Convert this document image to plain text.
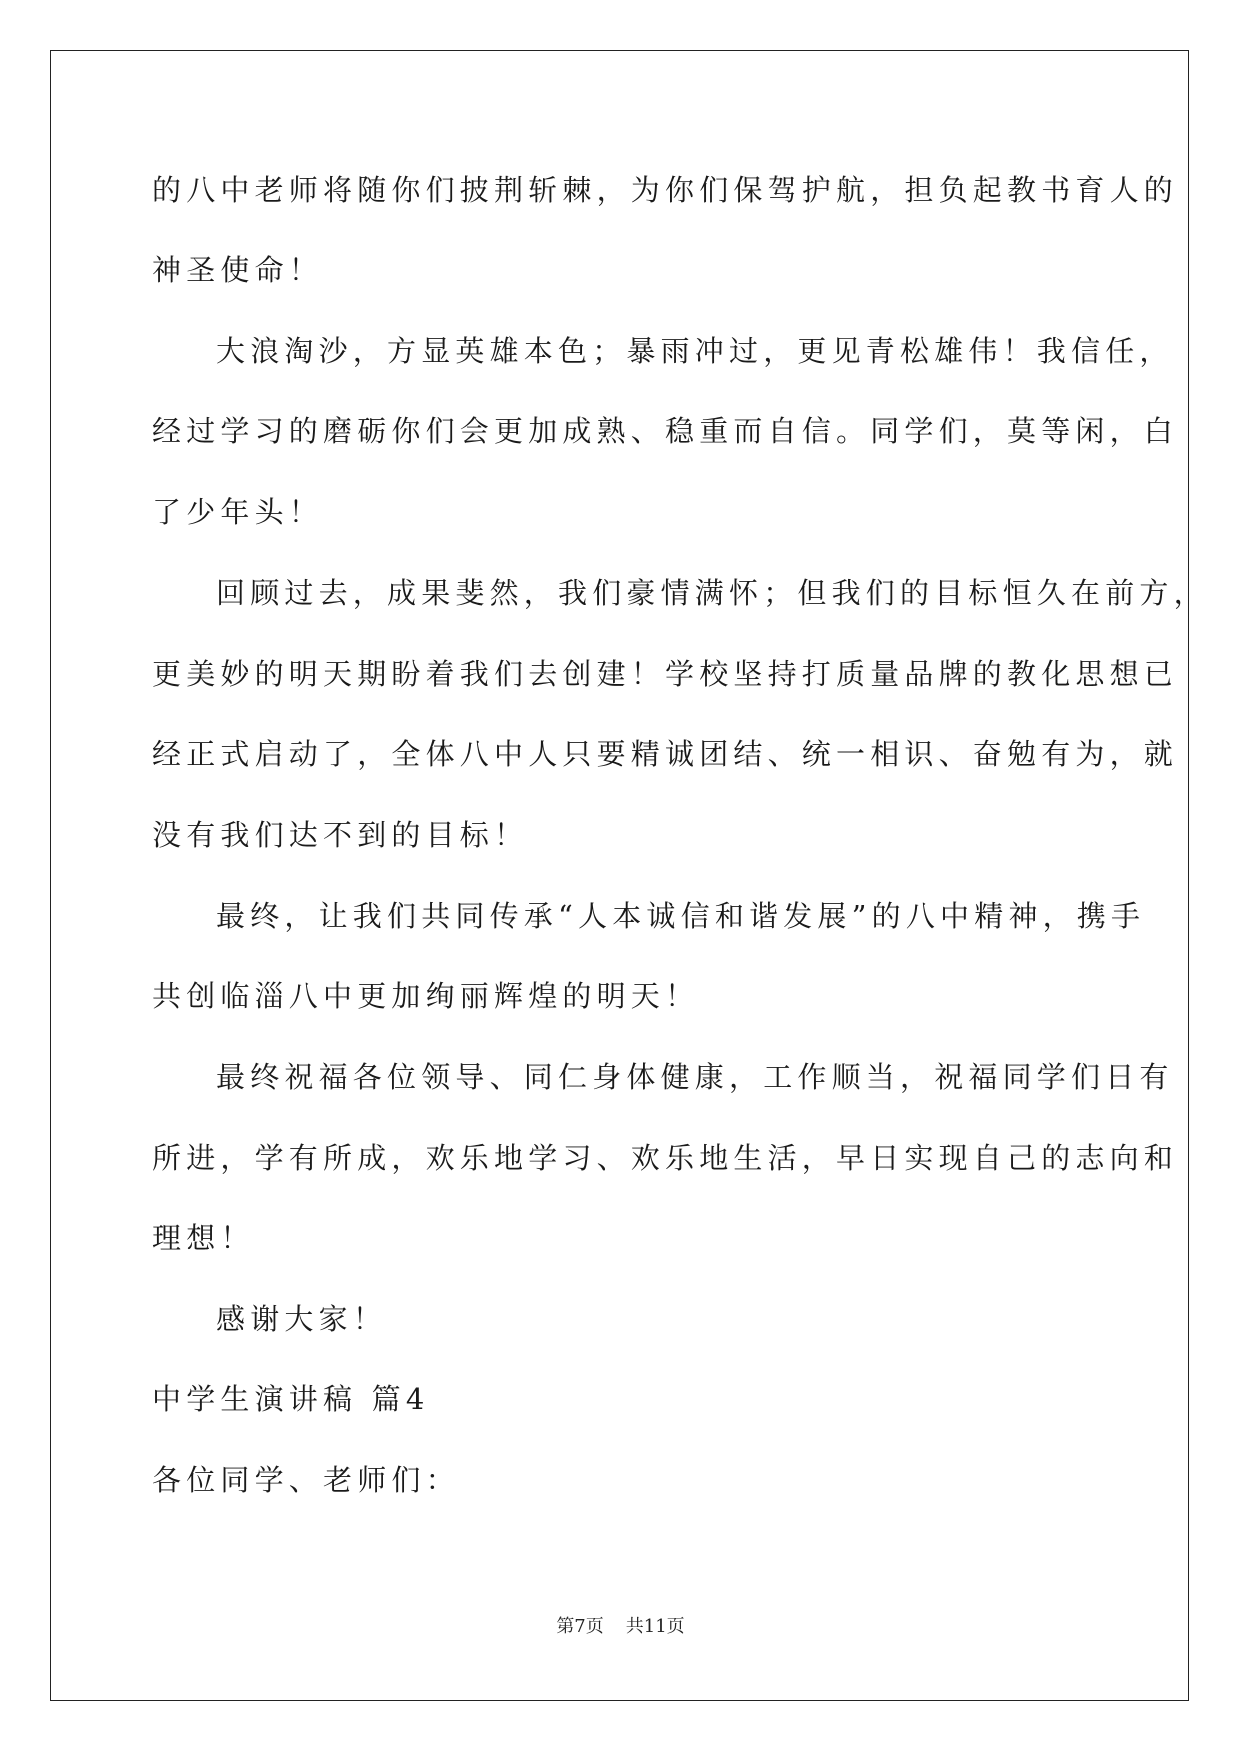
的八中老师将随你们披荆斩棘，为你们保驾护航，担负起教书育人的
神圣使命！
大浪淘沙，方显英雄本色；暴雨冲过，更见青松雄伟！我信任，
经过学习的磨砺你们会更加成熟、稳重而自信。同学们，莫等闲，白
了少年头！
回顾过去，成果斐然，我们豪情满怀；但我们的目标恒久在前方，
更美妙的明天期盼着我们去创建！学校坚持打质量品牌的教化思想已
经正式启动了，全体八中人只要精诚团结、统一相识、奋勉有为，就
没有我们达不到的目标！
最终，让我们共同传承“人本诚信和谐发展”的八中精神，携手
共创临淄八中更加绚丽辉煌的明天！
最终祝福各位领导、同仁身体健康，工作顺当，祝福同学们日有
所进，学有所成，欢乐地学习、欢乐地生活，早日实现自己的志向和
理想！
感谢大家！
中学生演讲稿 篇4
各位同学、老师们：
第7页 共11页
